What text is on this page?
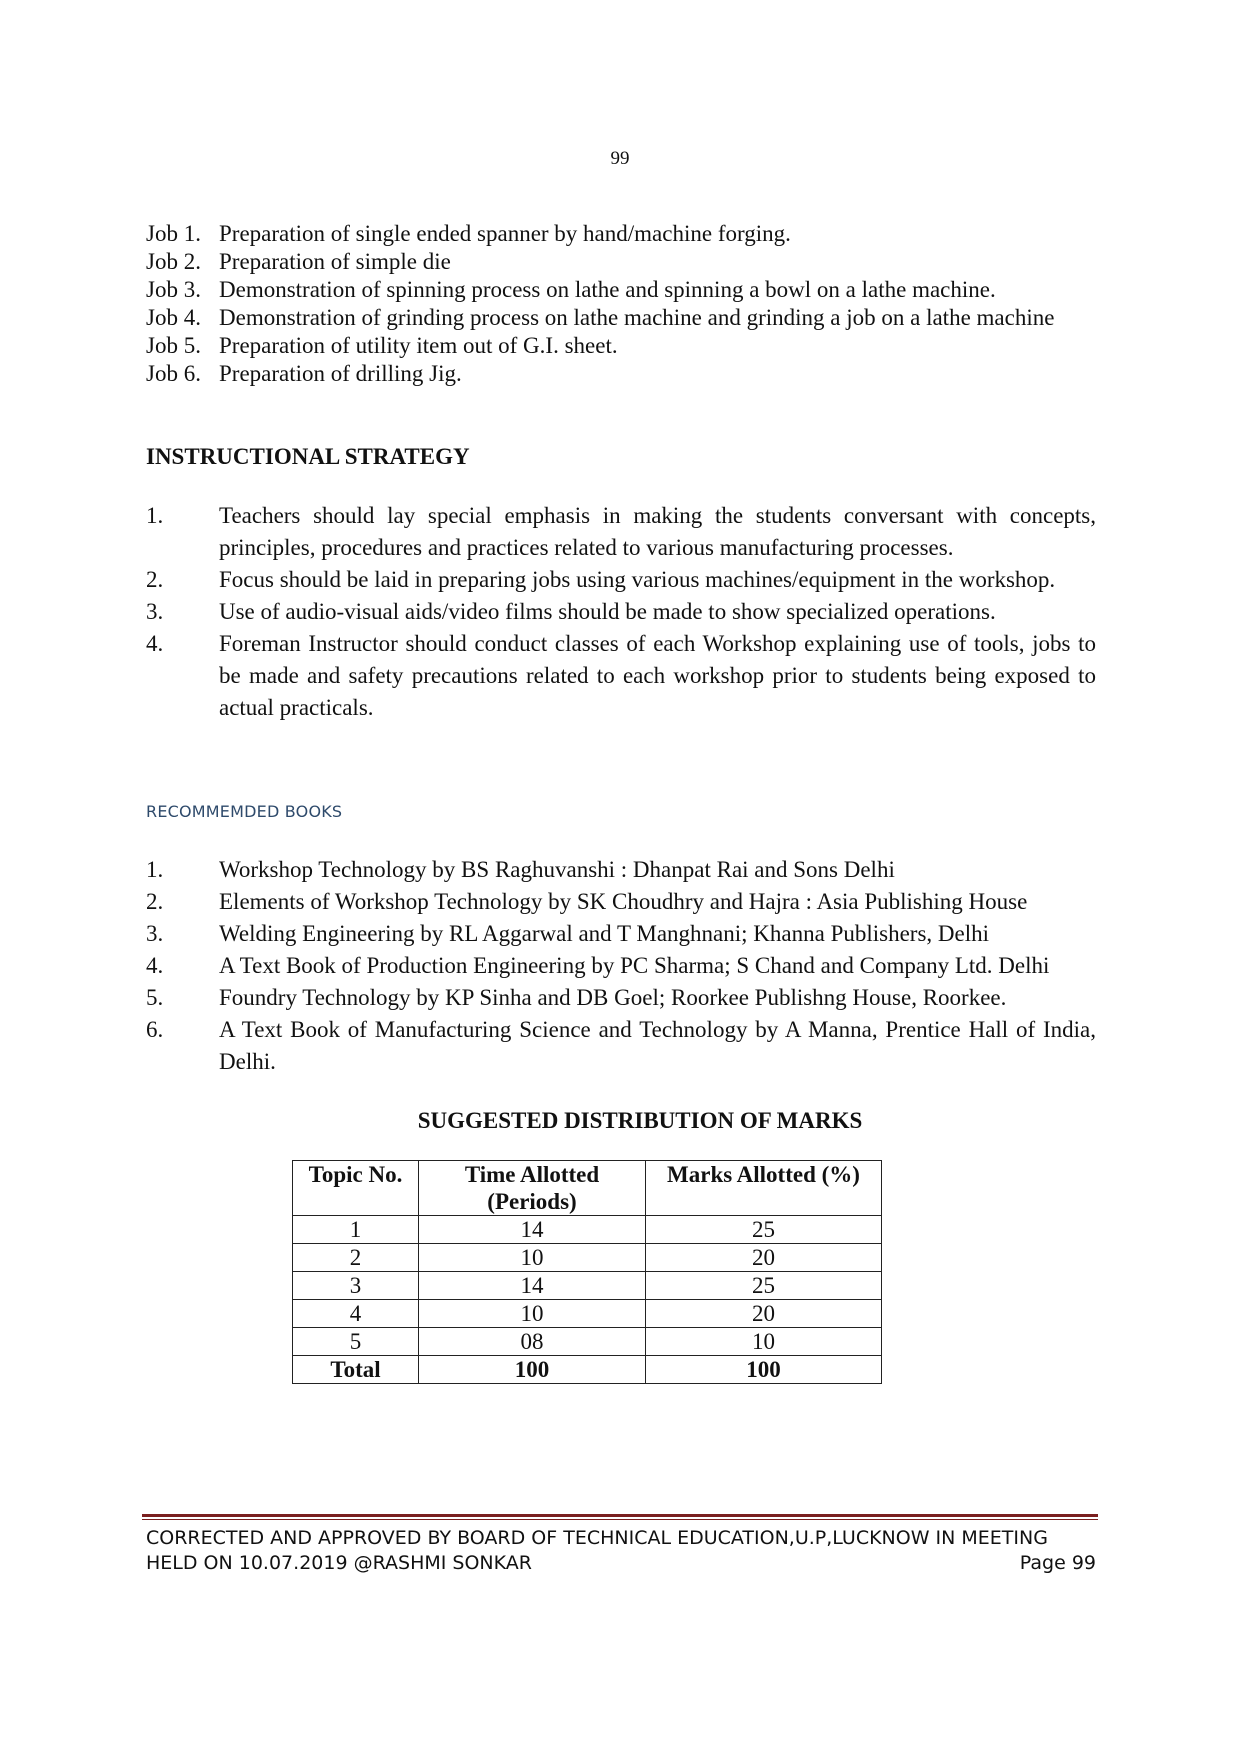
99
Job 1. Preparation of single ended spanner by hand/machine forging.
Job 2. Preparation of simple die
Job 3. Demonstration of spinning process on lathe and spinning a bowl on a lathe machine.
Job 4. Demonstration of grinding process on lathe machine and grinding a job on a lathe machine
Job 5. Preparation of utility item out of G.I. sheet.
Job 6. Preparation of drilling Jig.
INSTRUCTIONAL STRATEGY
1.	Teachers should lay special emphasis in making the students conversant with concepts, principles, procedures and practices related to various manufacturing processes.
2.	Focus should be laid in preparing jobs using various machines/equipment in the workshop.
3.	Use of audio-visual aids/video films should be made to show specialized operations.
4.	Foreman Instructor should conduct classes of each Workshop explaining use of tools, jobs to be made and safety precautions related to each workshop prior to students being exposed to actual practicals.
RECOMMEMDED BOOKS
1.	Workshop Technology by BS Raghuvanshi : Dhanpat Rai and Sons Delhi
2.	Elements of Workshop Technology by SK Choudhry and Hajra : Asia Publishing House
3.	Welding Engineering by RL Aggarwal and T Manghnani; Khanna Publishers, Delhi
4.	A Text Book of Production Engineering by PC Sharma; S Chand and Company Ltd. Delhi
5.	Foundry Technology by KP Sinha and DB Goel; Roorkee Publishng House, Roorkee.
6.	A Text Book of Manufacturing Science and Technology by A Manna, Prentice Hall of India, Delhi.
SUGGESTED DISTRIBUTION OF MARKS
Topic No.	Time Allotted (Periods)	Marks Allotted (%)
1	14	25
2	10	20
3	14	25
4	10	20
5	08	10
Total	100	100
CORRECTED AND APPROVED BY BOARD OF TECHNICAL EDUCATION,U.P,LUCKNOW IN MEETING
HELD ON 10.07.2019 @RASHMI SONKAR	Page 99
